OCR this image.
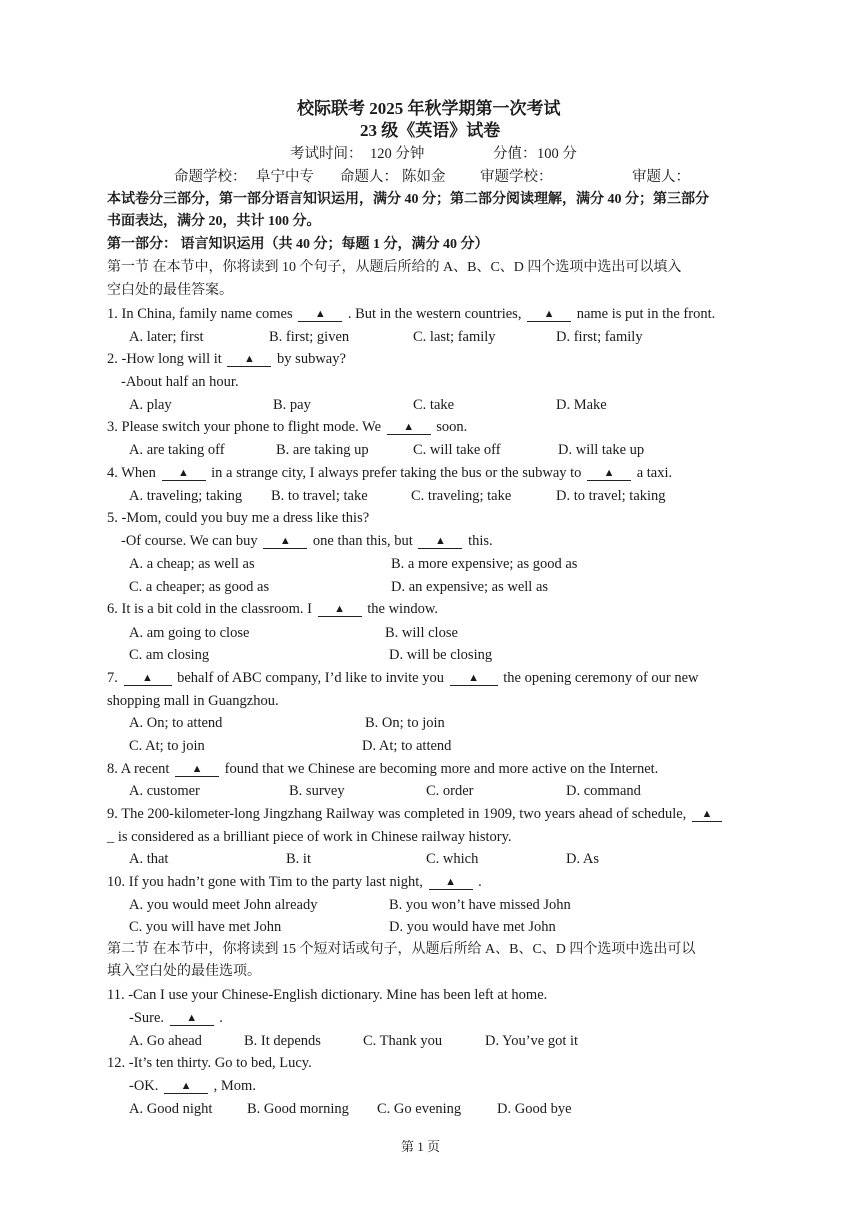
校际联考 2025 年秋学期第一次考试
23 级《英语》试卷
考试时间： 120 分钟	分值： 100 分
命题学校： 阜宁中专 命题人： 陈如金 审题学校：	审题人：
本试卷分三部分，第一部分语言知识运用，满分 40 分；第二部分阅读理解，满分 40 分；第三部分
书面表达，满分 20，共计 100 分。
第一部分： 语言知识运用（共 40 分；每题 1 分，满分 40 分）
第一节 在本节中，你将读到 10 个句子，从题后所给的 A、B、C、D 四个选项中选出可以填入
空白处的最佳答案。
1. In China, family name comes ▲ . But in the western countries, ▲ name is put in the front.
A. later; first	B. first; given	C. last; family	D. first; family
2. -How long will it ▲ by subway?
-About half an hour.
A. play	B. pay	C. take	D. Make
3. Please switch your phone to flight mode. We ▲ soon.
A. are taking off	B. are taking up	C. will take off	D. will take up
4. When ▲ in a strange city, I always prefer taking the bus or the subway to ▲ a taxi.
A. traveling; taking B. to travel; take	C. traveling; take	D. to travel; taking
5. -Mom, could you buy me a dress like this?
-Of course. We can buy ▲ one than this, but ▲ this.
A. a cheap; as well as	B. a more expensive; as good as
C. a cheaper; as good as	D. an expensive; as well as
6. It is a bit cold in the classroom. I ▲ the window.
A. am going to close	B. will close
C. am closing	D. will be closing
7. ▲ behalf of ABC company, I’d like to invite you ▲ the opening ceremony of our new
shopping mall in Guangzhou.
A. On; to attend	B. On; to join
C. At; to join	D. At; to attend
8. A recent ▲ found that we Chinese are becoming more and more active on the Internet.
A. customer	B. survey	C. order	D. command
9. The 200-kilometer-long Jingzhang Railway was completed in 1909, two years ahead of schedule, ▲
_ is considered as a brilliant piece of work in Chinese railway history.
A. that	B. it	C. which	D. As
10. If you hadn’t gone with Tim to the party last night, ▲ .
A. you would meet John already	B. you won’t have missed John
C. you will have met John	D. you would have met John
第二节 在本节中，你将读到 15 个短对话或句子，从题后所给 A、B、C、D 四个选项中选出可以
填入空白处的最佳选项。
11. -Can I use your Chinese-English dictionary. Mine has been left at home.
-Sure. ▲ .
A. Go ahead	B. It depends	C. Thank you	D. You’ve got it
12. -It’s ten thirty. Go to bed, Lucy.
-OK. ▲ , Mom.
A. Good night B. Good morning C. Go evening D. Good bye
第 1 页
